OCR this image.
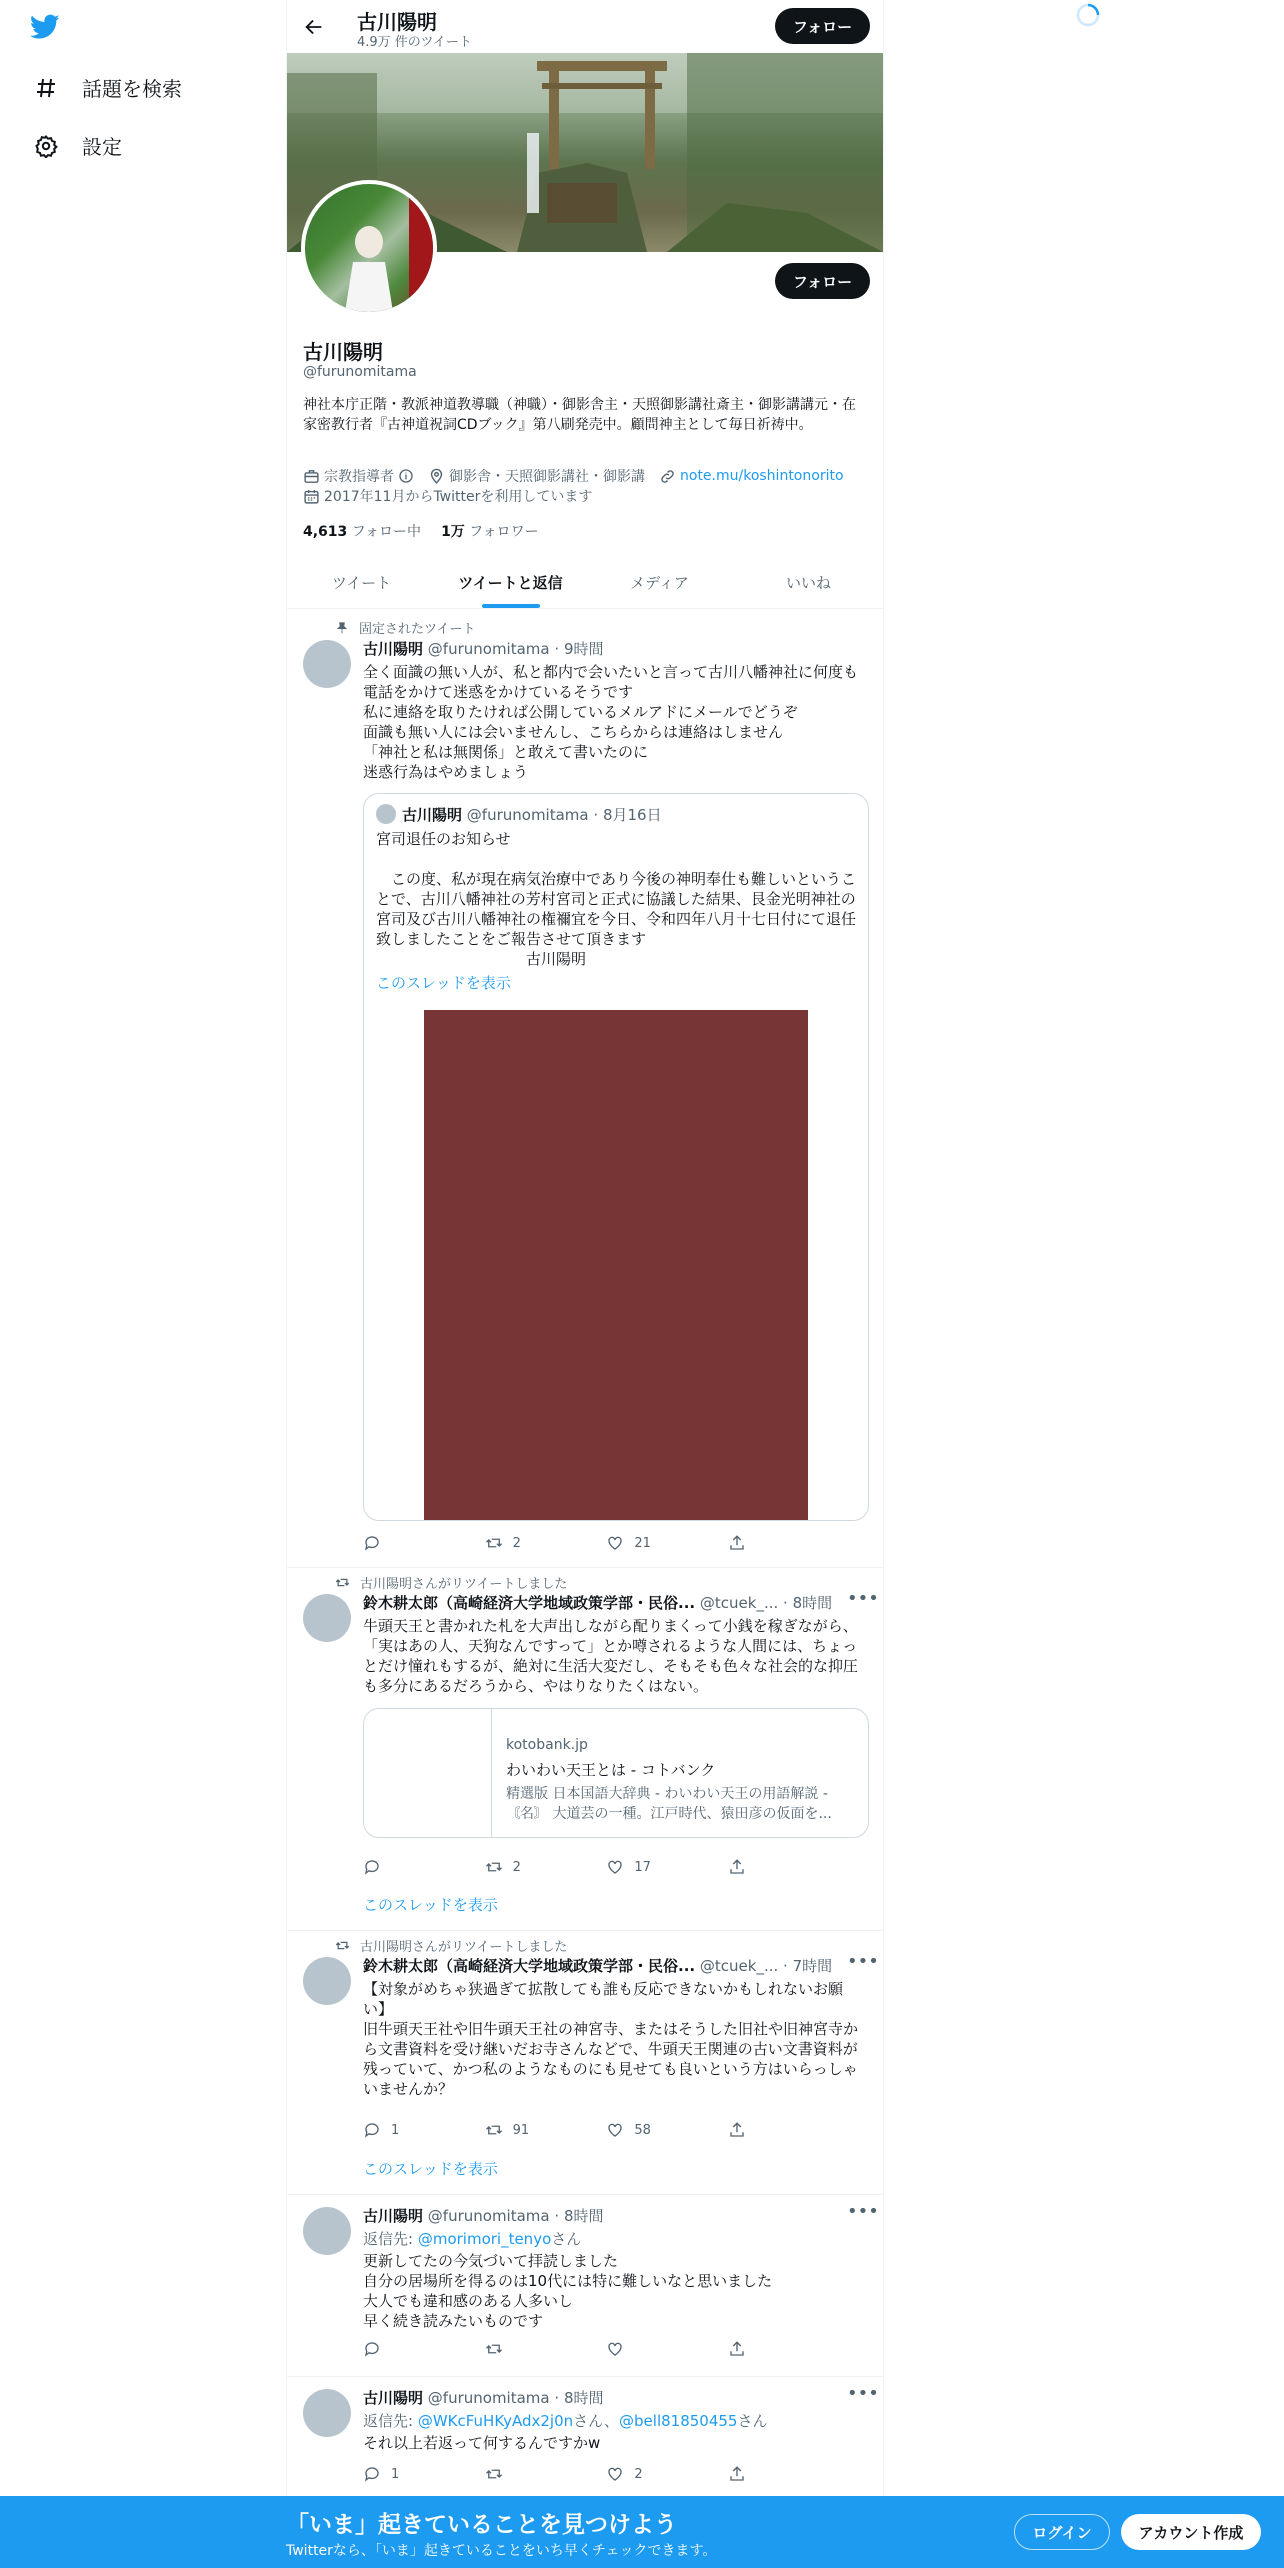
話題を検索
設定
古川陽明
4.9万 件のツイート
フォロー
フォロー
古川陽明
@furunomitama
神社本庁正階・教派神道教導職（神職）・御影舎主・天照御影講社斎主・御影講講元・在家密教行者『古神道祝詞CDブック』第八刷発売中。顧問神主として毎日祈祷中。
宗教指導者	御影舎・天照御影講社・御影講	note.mu/koshintonorito
2017年11月からTwitterを利用しています
4,613 フォロー中 1万 フォロワー
ツイート	ツイートと返信	メディア	いいね
固定されたツイート
古川陽明 @furunomitama · 9時間
全く面識の無い人が、私と都内で会いたいと言って古川八幡神社に何度も
電話をかけて迷惑をかけているそうです
私に連絡を取りたければ公開しているメルアドにメールでどうぞ
面識も無い人には会いませんし、こちらからは連絡はしません
「神社と私は無関係」と敢えて書いたのに
迷惑行為はやめましょう
古川陽明 @furunomitama · 8月16日
宮司退任のお知らせ
　この度、私が現在病気治療中であり今後の神明奉仕も難しいというこ
とで、古川八幡神社の芳村宮司と正式に協議した結果、艮金光明神社の
宮司及び古川八幡神社の権禰宜を今日、令和四年八月十七日付にて退任
致しましたことをご報告させて頂きます
　　　　　　　　　　古川陽明
このスレッドを表示
2	21
古川陽明さんがリツイートしました
鈴木耕太郎（高崎経済大学地域政策学部・民俗... @tcuek_... · 8時間 •••
牛頭天王と書かれた札を大声出しながら配りまくって小銭を稼ぎながら、
「実はあの人、天狗なんですって」とか噂されるような人間には、ちょっ
とだけ憧れもするが、絶対に生活大変だし、そもそも色々な社会的な抑圧
も多分にあるだろうから、やはりなりたくはない。
kotobank.jp
わいわい天王とは - コトバンク
精選版 日本国語大辞典 - わいわい天王の用語解説 -
〘名〙 大道芸の一種。江戸時代、猿田彦の仮面を...
2	17
このスレッドを表示
古川陽明さんがリツイートしました
鈴木耕太郎（高崎経済大学地域政策学部・民俗... @tcuek_... · 7時間 •••
【対象がめちゃ狭過ぎて拡散しても誰も反応できないかもしれないお願
い】
旧牛頭天王社や旧牛頭天王社の神宮寺、またはそうした旧社や旧神宮寺か
ら文書資料を受け継いだお寺さんなどで、牛頭天王関連の古い文書資料が
残っていて、かつ私のようなものにも見せても良いという方はいらっしゃ
いませんか？
1	91	58
このスレッドを表示
古川陽明 @furunomitama · 8時間	•••
返信先: @morimori_tenyoさん
更新してたの今気づいて拝読しました
自分の居場所を得るのは10代には特に難しいなと思いました
大人でも違和感のある人多いし
早く続き読みたいものです
古川陽明 @furunomitama · 8時間	•••
返信先: @WKcFuHKyAdx2j0nさん、@bell81850455さん
それ以上若返って何するんですかw
1	2
「いま」起きていることを見つけよう
Twitterなら、「いま」起きていることをいち早くチェックできます。
ログイン	アカウント作成
